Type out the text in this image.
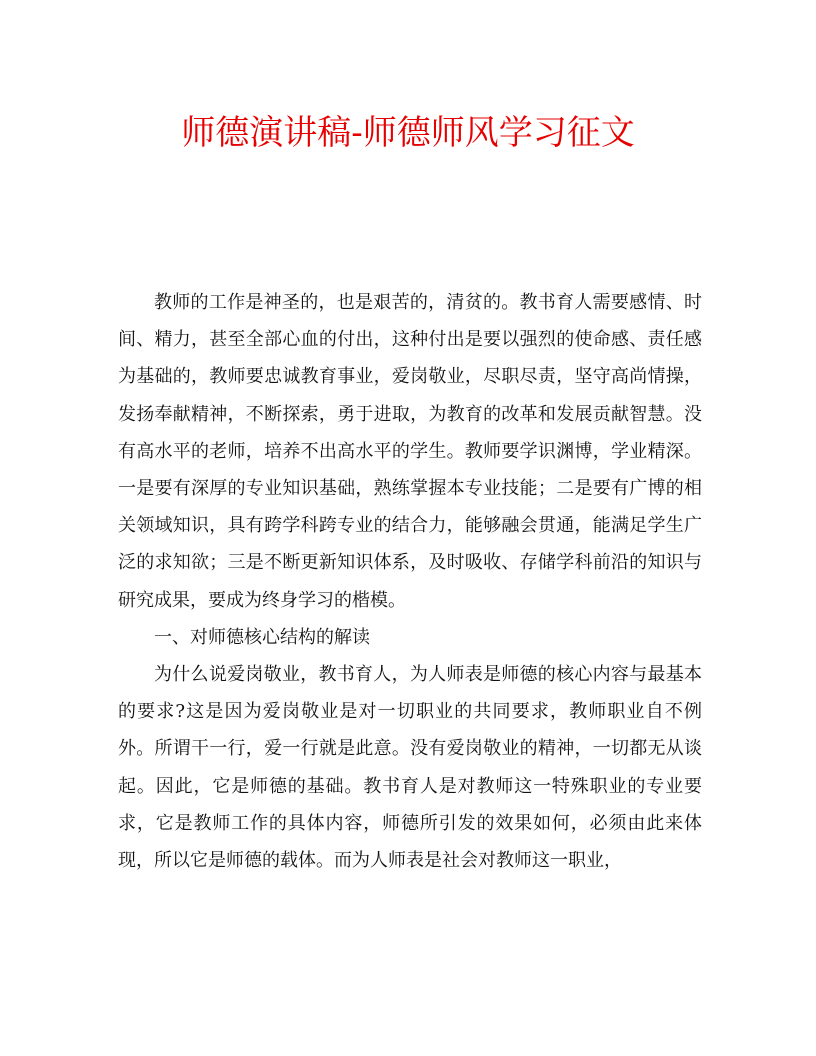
师德演讲稿-师德师风学习征文

教师的工作是神圣的，也是艰苦的，清贫的。教书育人需要感情、时间、精力，甚至全部心血的付出，这种付出是要以强烈的使命感、责任感为基础的，教师要忠诚教育事业，爱岗敬业，尽职尽责，坚守高尚情操，发扬奉献精神，不断探索，勇于进取，为教育的改革和发展贡献智慧。没有高水平的老师，培养不出高水平的学生。教师要学识渊博，学业精深。一是要有深厚的专业知识基础，熟练掌握本专业技能；二是要有广博的相关领域知识，具有跨学科跨专业的结合力，能够融会贯通，能满足学生广泛的求知欲；三是不断更新知识体系，及时吸收、存储学科前沿的知识与研究成果，要成为终身学习的楷模。

一、对师德核心结构的解读

为什么说爱岗敬业，教书育人，为人师表是师德的核心内容与最基本的要求?这是因为爱岗敬业是对一切职业的共同要求，教师职业自不例外。所谓干一行，爱一行就是此意。没有爱岗敬业的精神，一切都无从谈起。因此，它是师德的基础。教书育人是对教师这一特殊职业的专业要求，它是教师工作的具体内容，师德所引发的效果如何，必须由此来体现，所以它是师德的载体。而为人师表是社会对教师这一职业，
